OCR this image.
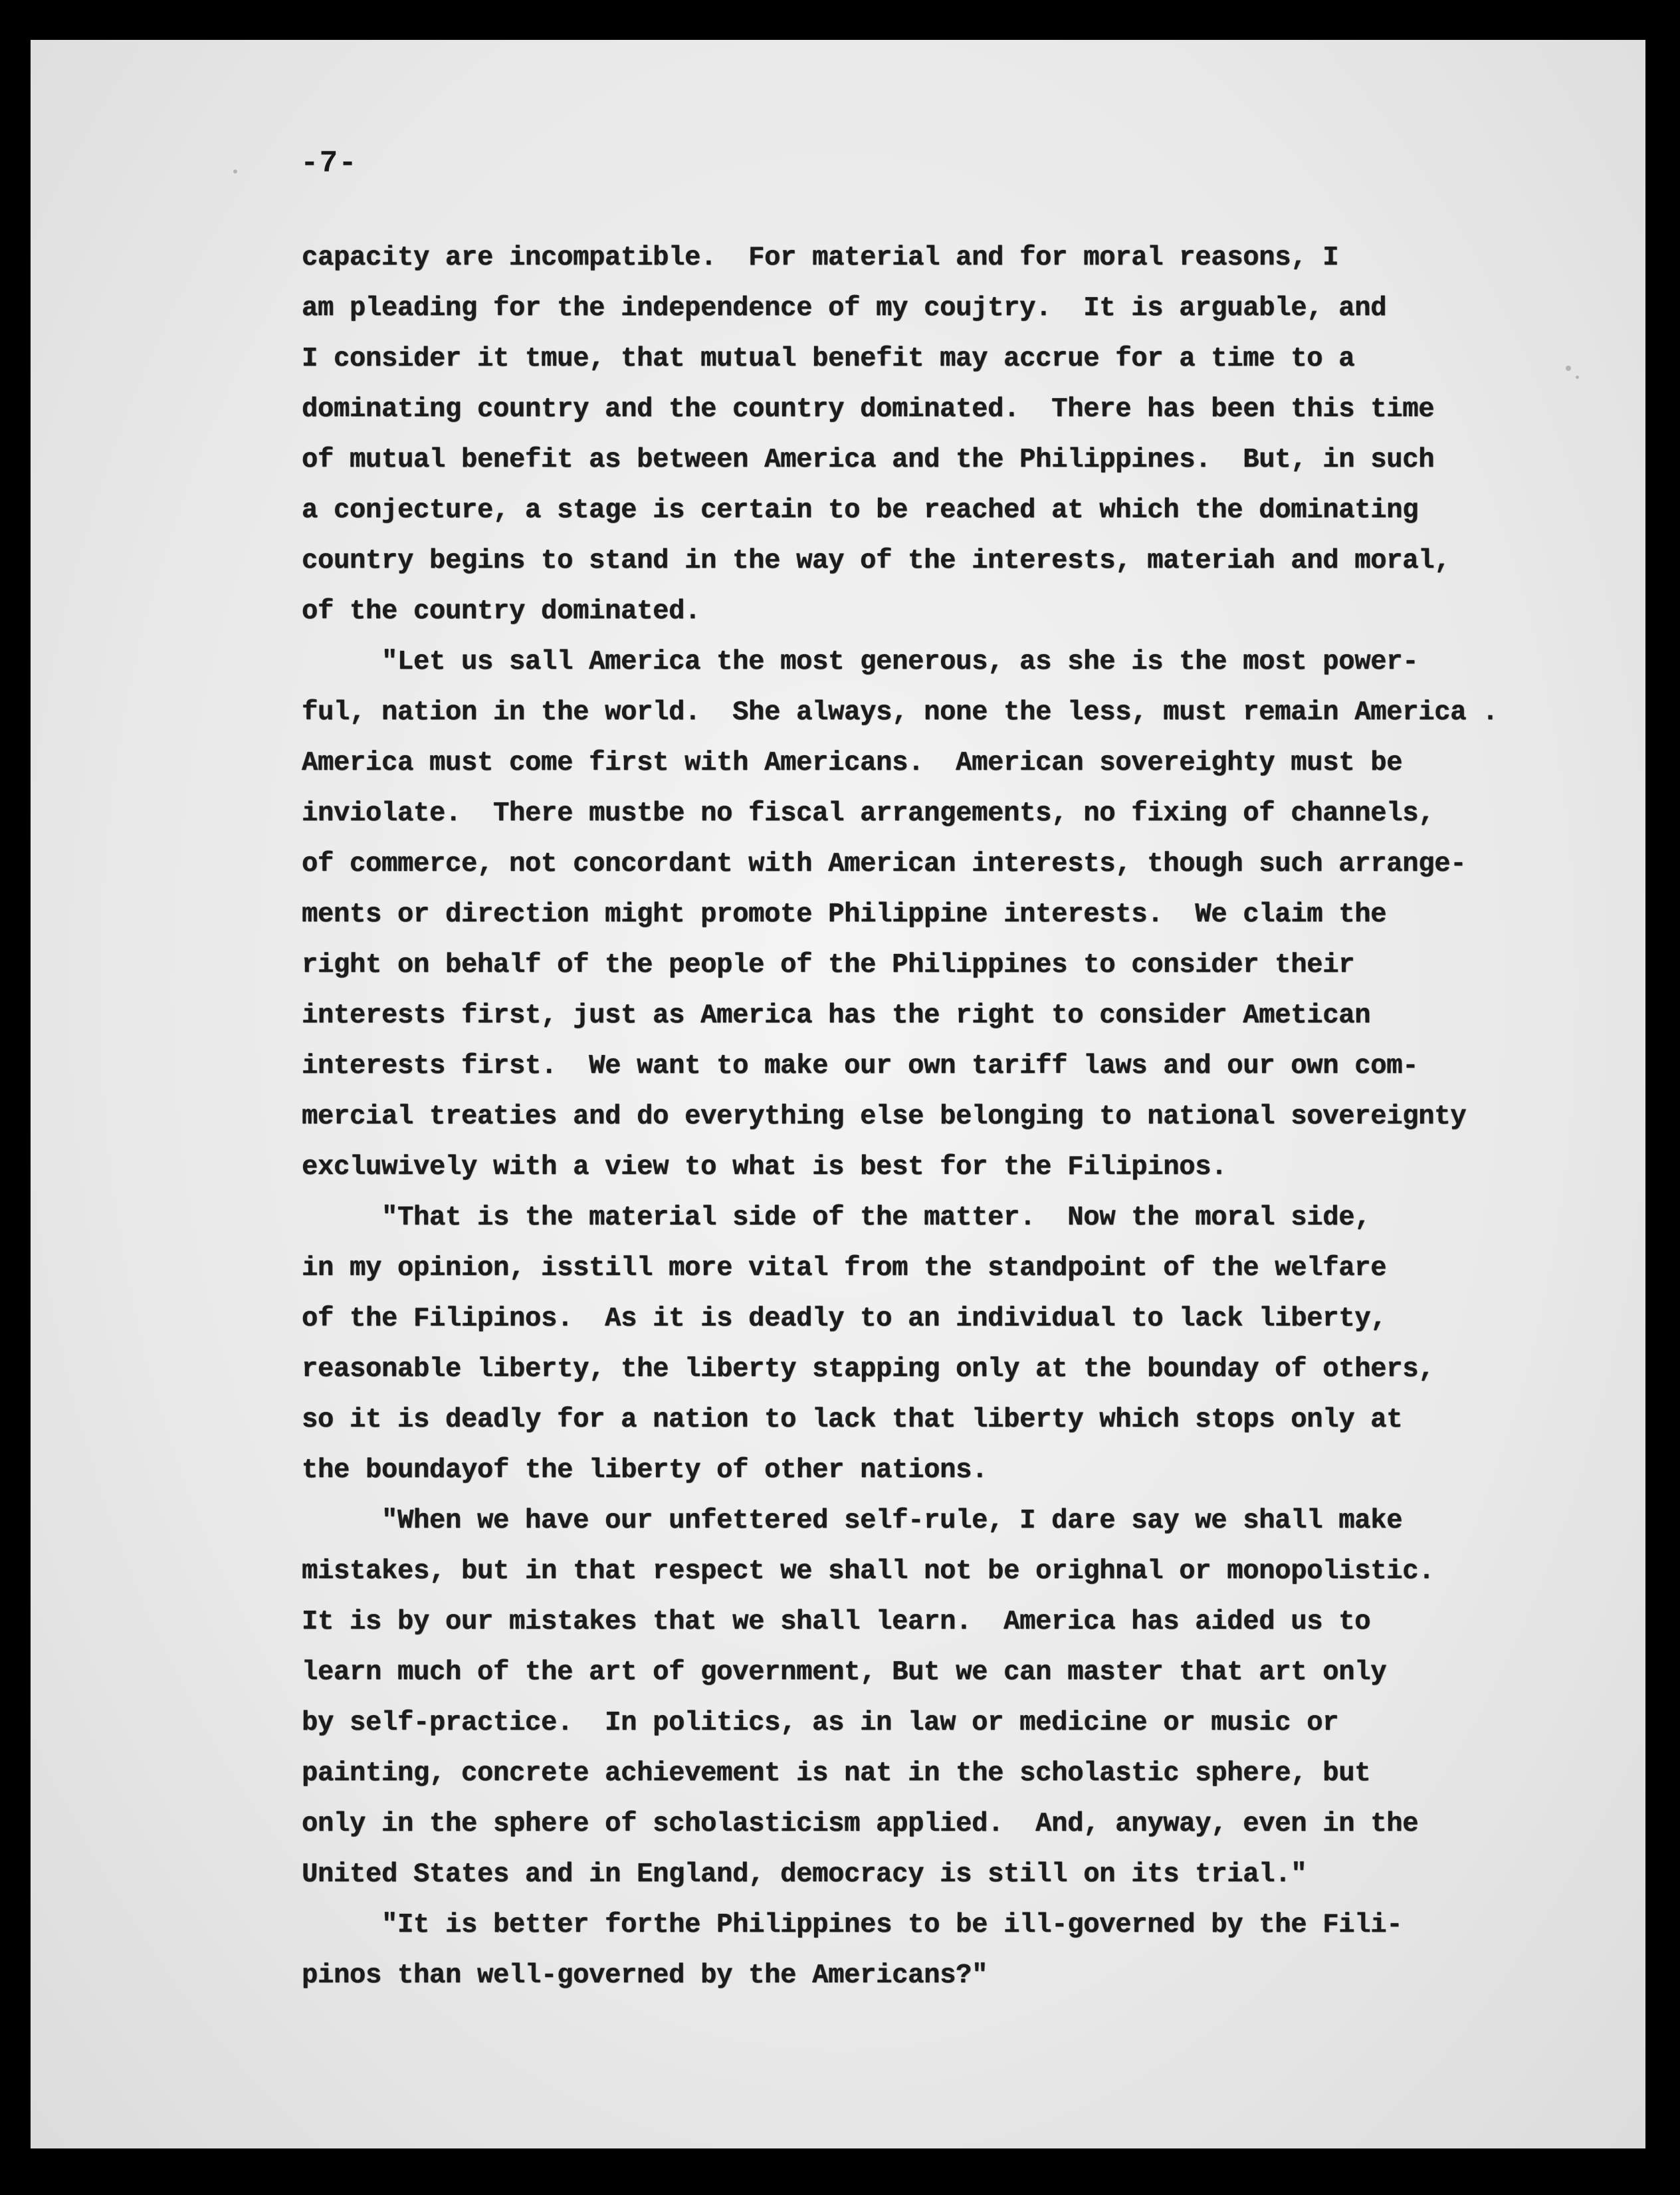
-7-
capacity are incompatible.  For material and for moral reasons, I
am pleading for the independence of my coujtry.  It is arguable, and
I consider it tmue, that mutual benefit may accrue for a time to a
dominating country and the country dominated.  There has been this time
of mutual benefit as between America and the Philippines.  But, in such
a conjecture, a stage is certain to be reached at which the dominating
country begins to stand in the way of the interests, materiah and moral,
of the country dominated.
"Let us sall America the most generous, as she is the most power-
ful, nation in the world.  She always, none the less, must remain America .
America must come first with Americans.  American sovereighty must be
inviolate.  There mustbe no fiscal arrangements, no fixing of channels,
of commerce, not concordant with American interests, though such arrange-
ments or direction might promote Philippine interests.  We claim the
right on behalf of the people of the Philippines to consider their
interests first, just as America has the right to consider Ametican
interests first.  We want to make our own tariff laws and our own com-
mercial treaties and do everything else belonging to national sovereignty
excluwively with a view to what is best for the Filipinos.
"That is the material side of the matter.  Now the moral side,
in my opinion, isstill more vital from the standpoint of the welfare
of the Filipinos.  As it is deadly to an individual to lack liberty,
reasonable liberty, the liberty stapping only at the bounday of others,
so it is deadly for a nation to lack that liberty which stops only at
the boundayof the liberty of other nations.
"When we have our unfettered self-rule, I dare say we shall make
mistakes, but in that respect we shall not be orighnal or monopolistic.
It is by our mistakes that we shall learn.  America has aided us to
learn much of the art of government, But we can master that art only
by self-practice.  In politics, as in law or medicine or music or
painting, concrete achievement is nat in the scholastic sphere, but
only in the sphere of scholasticism applied.  And, anyway, even in the
United States and in England, democracy is still on its trial."
"It is better forthe Philippines to be ill-governed by the Fili-
pinos than well-governed by the Americans?"
